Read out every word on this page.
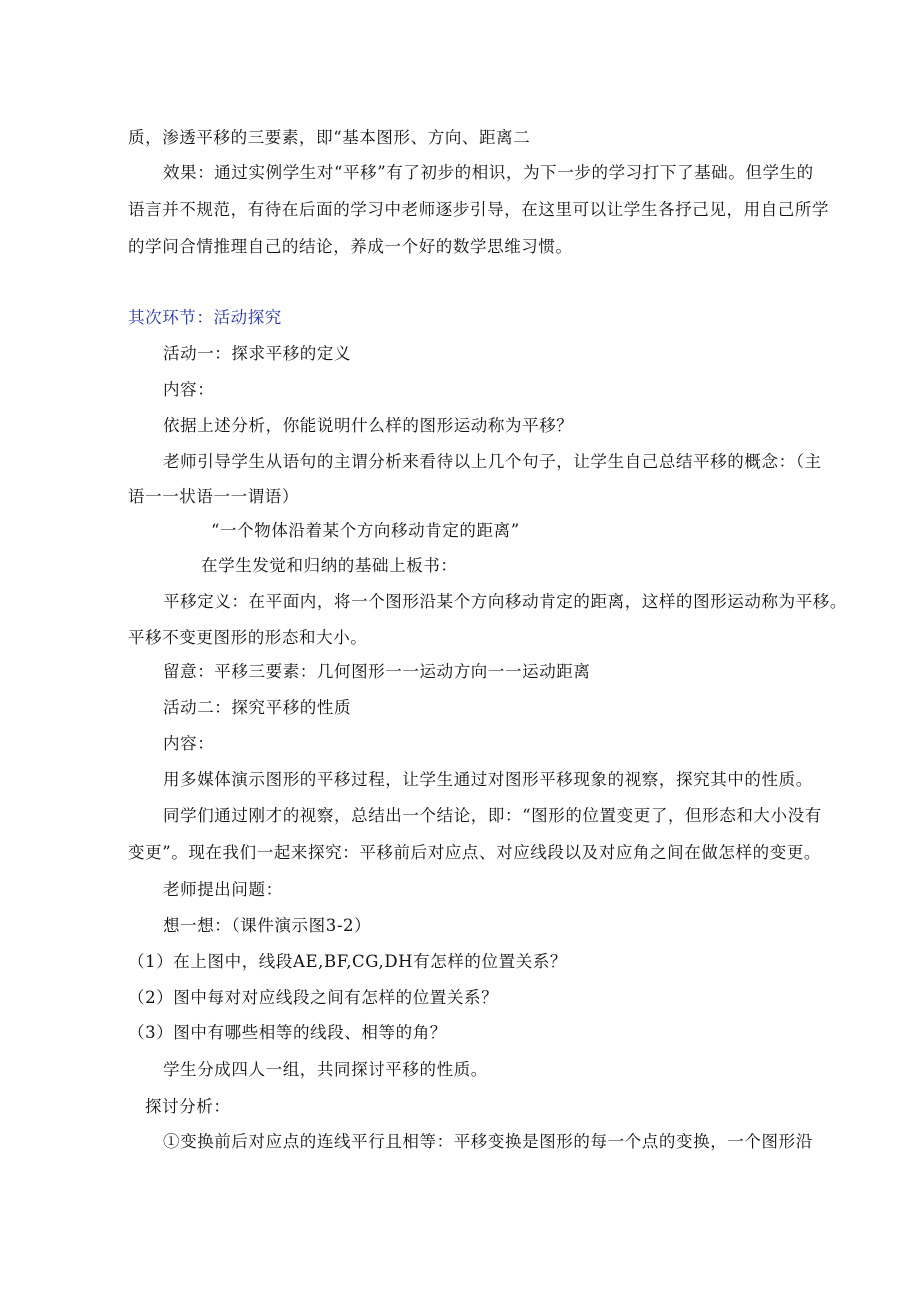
质，渗透平移的三要素，即“基本图形、方向、距离二
效果：通过实例学生对“平移”有了初步的相识，为下一步的学习打下了基础。但学生的
语言并不规范，有待在后面的学习中老师逐步引导，在这里可以让学生各抒己见，用自己所学
的学问合情推理自己的结论，养成一个好的数学思维习惯。
其次环节：活动探究
活动一：探求平移的定义
内容：
依据上述分析，你能说明什么样的图形运动称为平移？
老师引导学生从语句的主谓分析来看待以上几个句子，让学生自己总结平移的概念：（主
语一一状语一一谓语）
“一个物体沿着某个方向移动肯定的距离”
在学生发觉和归纳的基础上板书：
平移定义：在平面内，将一个图形沿某个方向移动肯定的距离，这样的图形运动称为平移。
平移不变更图形的形态和大小。
留意：平移三要素：几何图形一一运动方向一一运动距离
活动二：探究平移的性质
内容：
用多媒体演示图形的平移过程，让学生通过对图形平移现象的视察，探究其中的性质。
同学们通过刚才的视察，总结出一个结论，即：“图形的位置变更了，但形态和大小没有
变更”。现在我们一起来探究：平移前后对应点、对应线段以及对应角之间在做怎样的变更。
老师提出问题：
想一想：（课件演示图3-2）
（1）在上图中，线段AE,BF,CG,DH有怎样的位置关系？
（2）图中每对对应线段之间有怎样的位置关系？
（3）图中有哪些相等的线段、相等的角？
学生分成四人一组，共同探讨平移的性质。
探讨分析：
①变换前后对应点的连线平行且相等：平移变换是图形的每一个点的变换，一个图形沿
